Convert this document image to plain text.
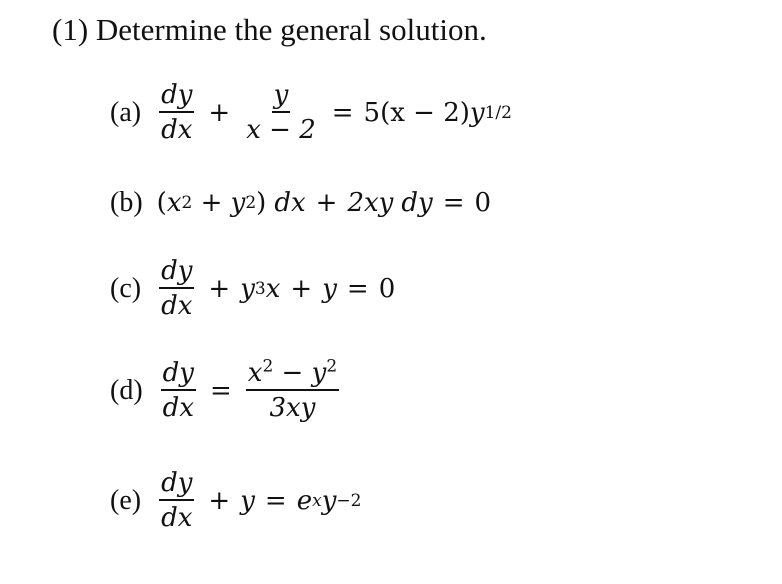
(1) Determine the general solution.
$(a) \frac{dy}{dx} + \frac{y}{x - 2} = 5(x - 2)$ y 1/2
(b) ( x 2 + y 2 ) dx + 2xy dy = 0
$(c) \frac{dy}{dx} + y$ 3 x + y = 0
$(d) \frac{dy}{dx} = \frac{x^2 - y^2}{3xy}$
$(e) \frac{dy}{dx} + y = e$ x y −2
